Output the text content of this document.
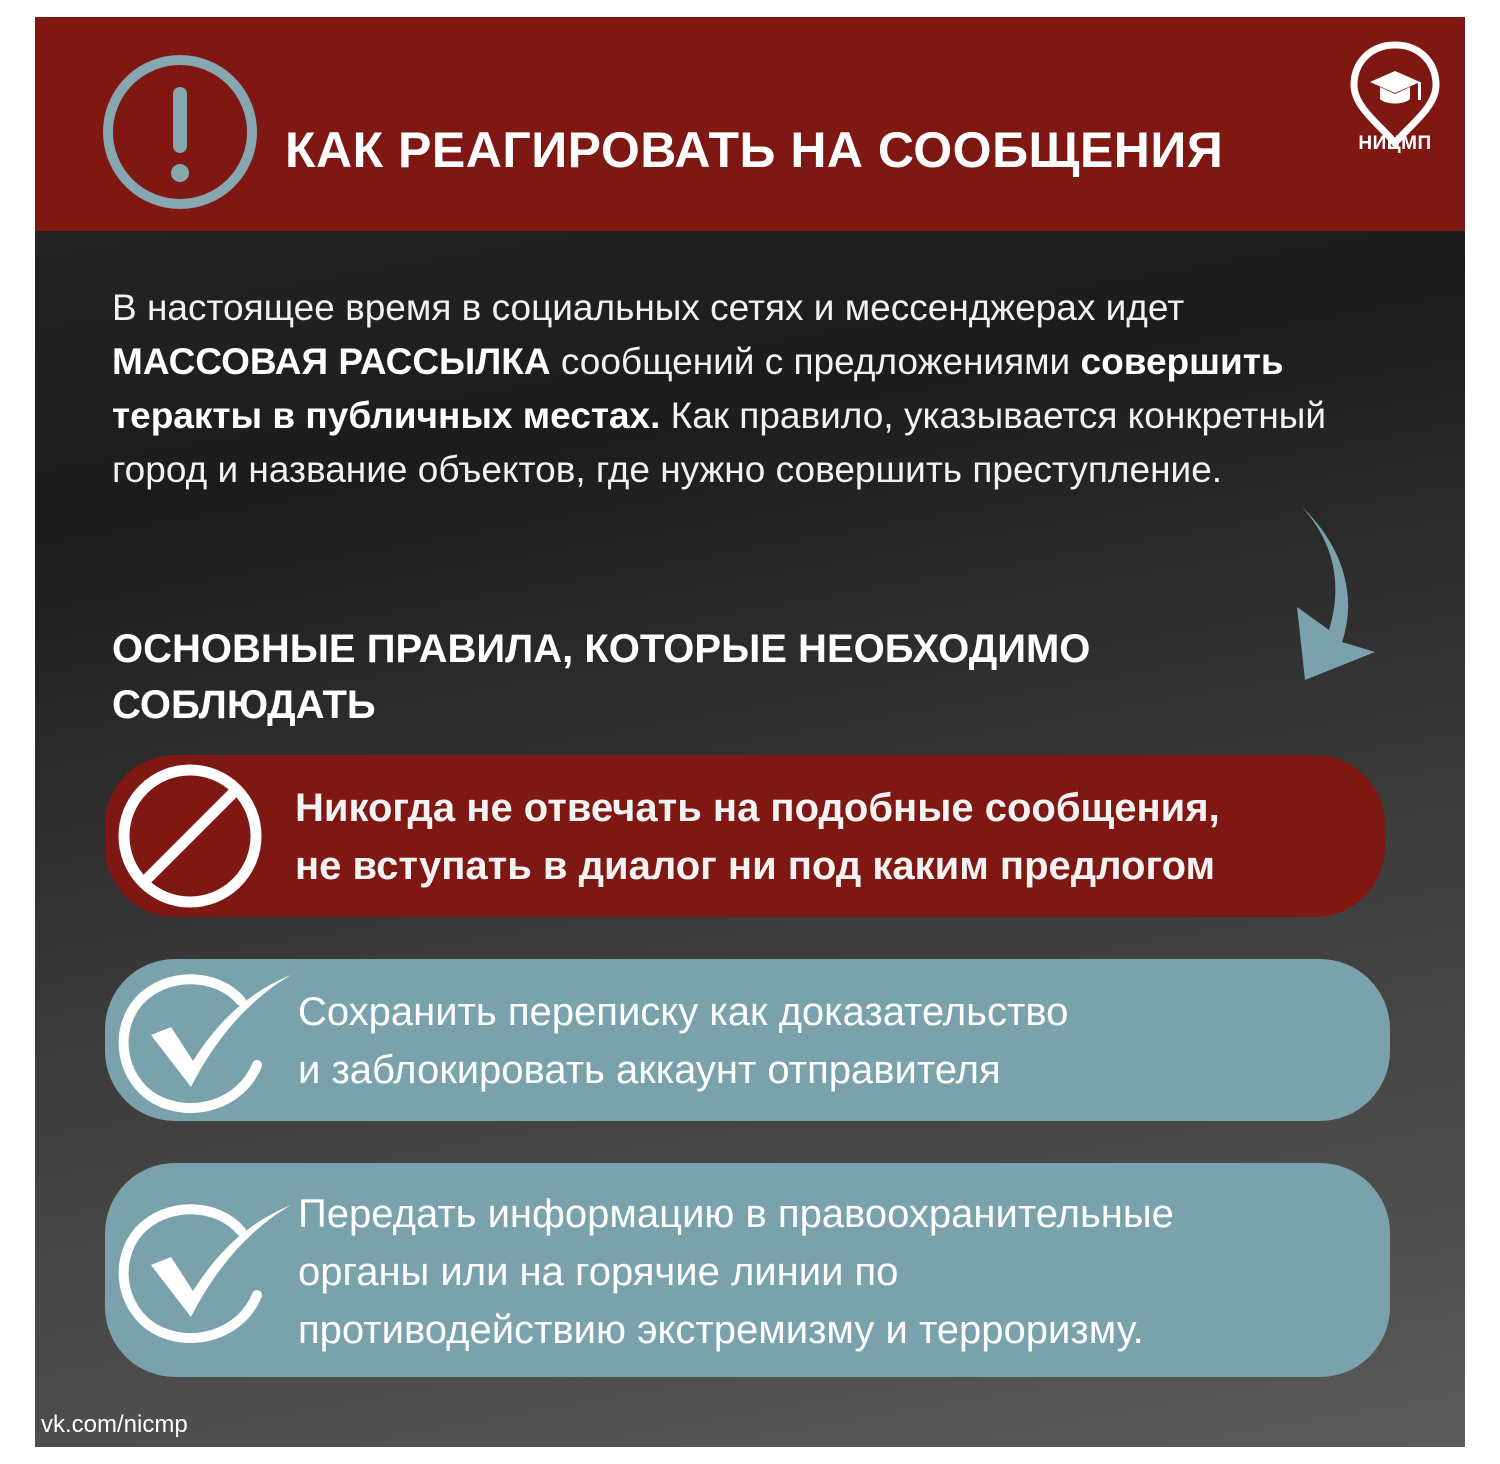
КАК РЕАГИРОВАТЬ НА СООБЩЕНИЯ	НИЦМП
В настоящее время в социальных сетях и мессенджерах идет МАССОВАЯ РАССЫЛКА сообщений с предложениями совершить теракты в публичных местах. Как правило, указывается конкретный город и название объектов, где нужно совершить преступление.
ОСНОВНЫЕ ПРАВИЛА, КОТОРЫЕ НЕОБХОДИМО СОБЛЮДАТЬ
Никогда не отвечать на подобные сообщения,
не вступать в диалог ни под каким предлогом
Сохранить переписку как доказательство
и заблокировать аккаунт отправителя
Передать информацию в правоохранительные
органы или на горячие линии по
противодействию экстремизму и терроризму.
vk.com/nicmp
